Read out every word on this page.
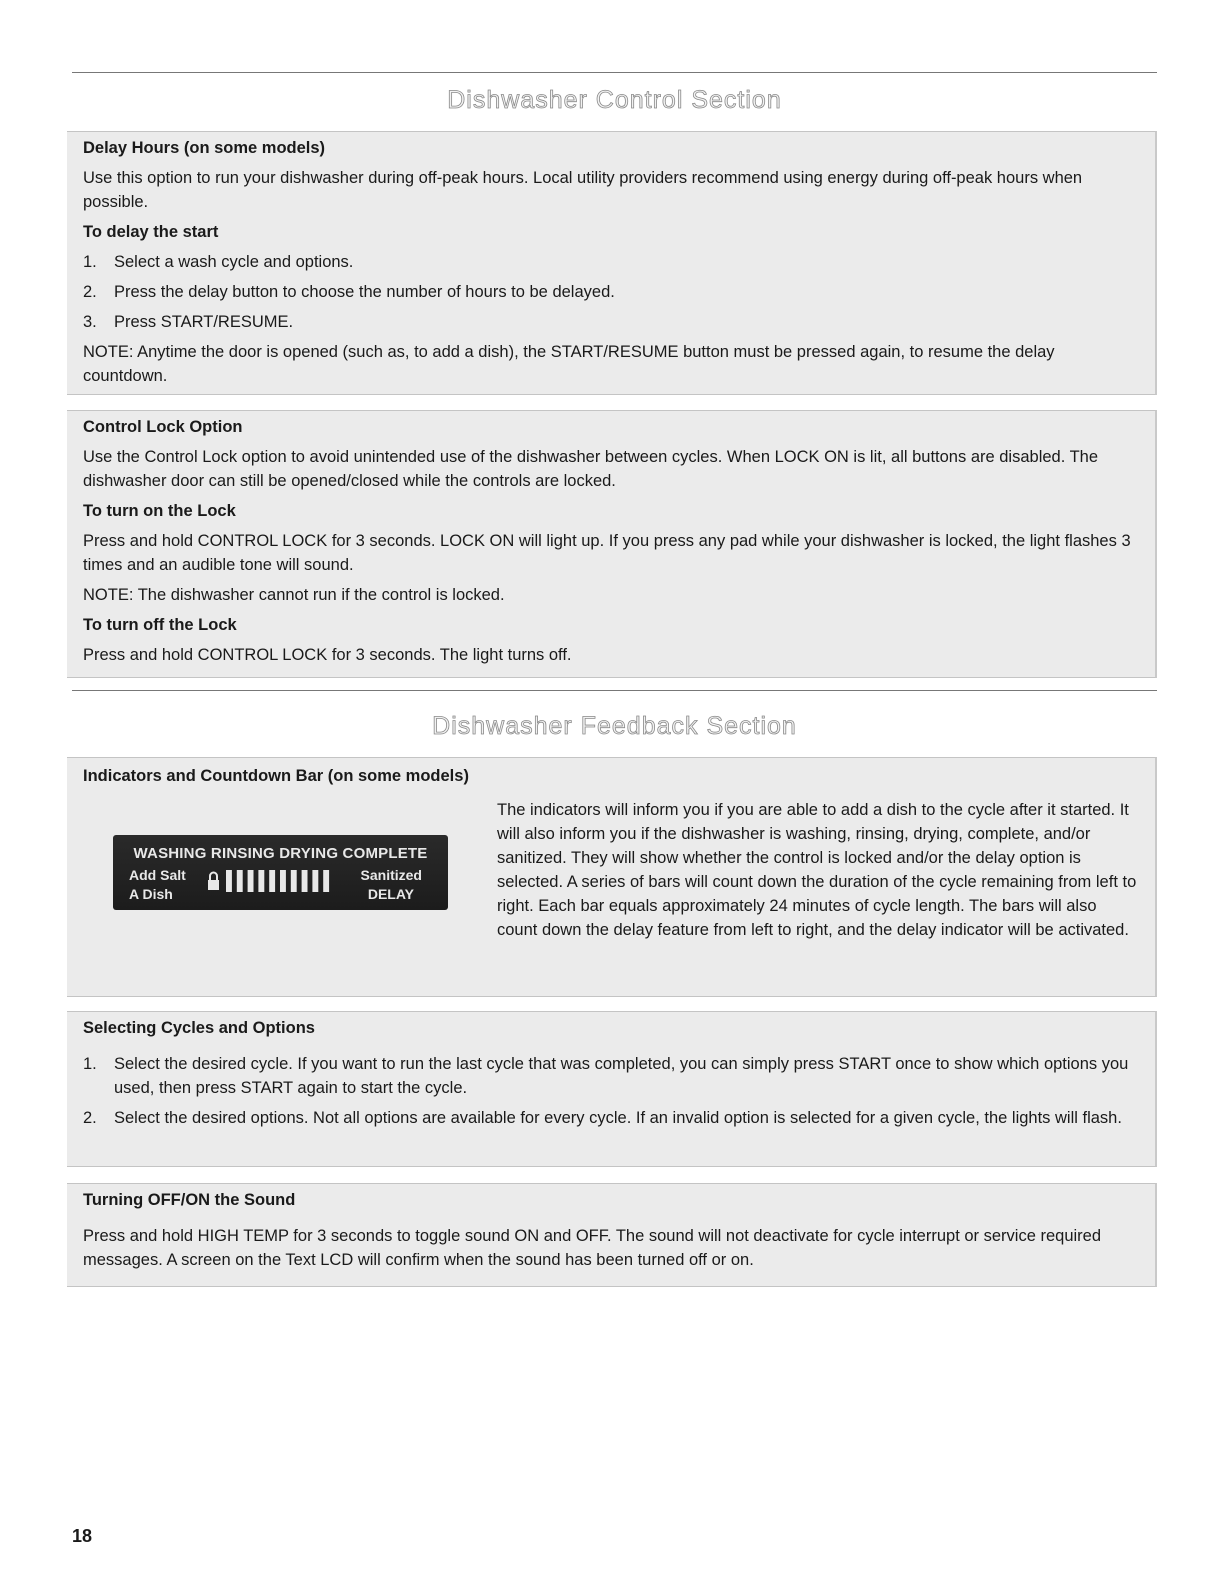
Dishwasher Control Section

Delay Hours (on some models)

Use this option to run your dishwasher during off-peak hours. Local utility providers recommend using energy during off-peak hours when possible.

To delay the start

1. Select a wash cycle and options.
2. Press the delay button to choose the number of hours to be delayed.
3. Press START/RESUME.

NOTE: Anytime the door is opened (such as, to add a dish), the START/RESUME button must be pressed again, to resume the delay countdown.

Control Lock Option

Use the Control Lock option to avoid unintended use of the dishwasher between cycles. When LOCK ON is lit, all buttons are disabled. The dishwasher door can still be opened/closed while the controls are locked.

To turn on the Lock

Press and hold CONTROL LOCK for 3 seconds. LOCK ON will light up. If you press any pad while your dishwasher is locked, the light flashes 3 times and an audible tone will sound.

NOTE: The dishwasher cannot run if the control is locked.

To turn off the Lock

Press and hold CONTROL LOCK for 3 seconds. The light turns off.

Dishwasher Feedback Section

Indicators and Countdown Bar (on some models)

WASHING RINSING DRYING COMPLETE
Add Salt
A Dish
Sanitized
DELAY
The indicators will inform you if you are able to add a dish to the cycle after it started. It will also inform you if the dishwasher is washing, rinsing, drying, complete, and/or sanitized. They will show whether the control is locked and/or the delay option is selected. A series of bars will count down the duration of the cycle remaining from left to right. Each bar equals approximately 24 minutes of cycle length. The bars will also count down the delay feature from left to right, and the delay indicator will be activated.

Selecting Cycles and Options

1. Select the desired cycle. If you want to run the last cycle that was completed, you can simply press START once to show which options you used, then press START again to start the cycle.
2. Select the desired options. Not all options are available for every cycle. If an invalid option is selected for a given cycle, the lights will flash.

Turning OFF/ON the Sound

Press and hold HIGH TEMP for 3 seconds to toggle sound ON and OFF. The sound will not deactivate for cycle interrupt or service required messages. A screen on the Text LCD will confirm when the sound has been turned off or on.

18
